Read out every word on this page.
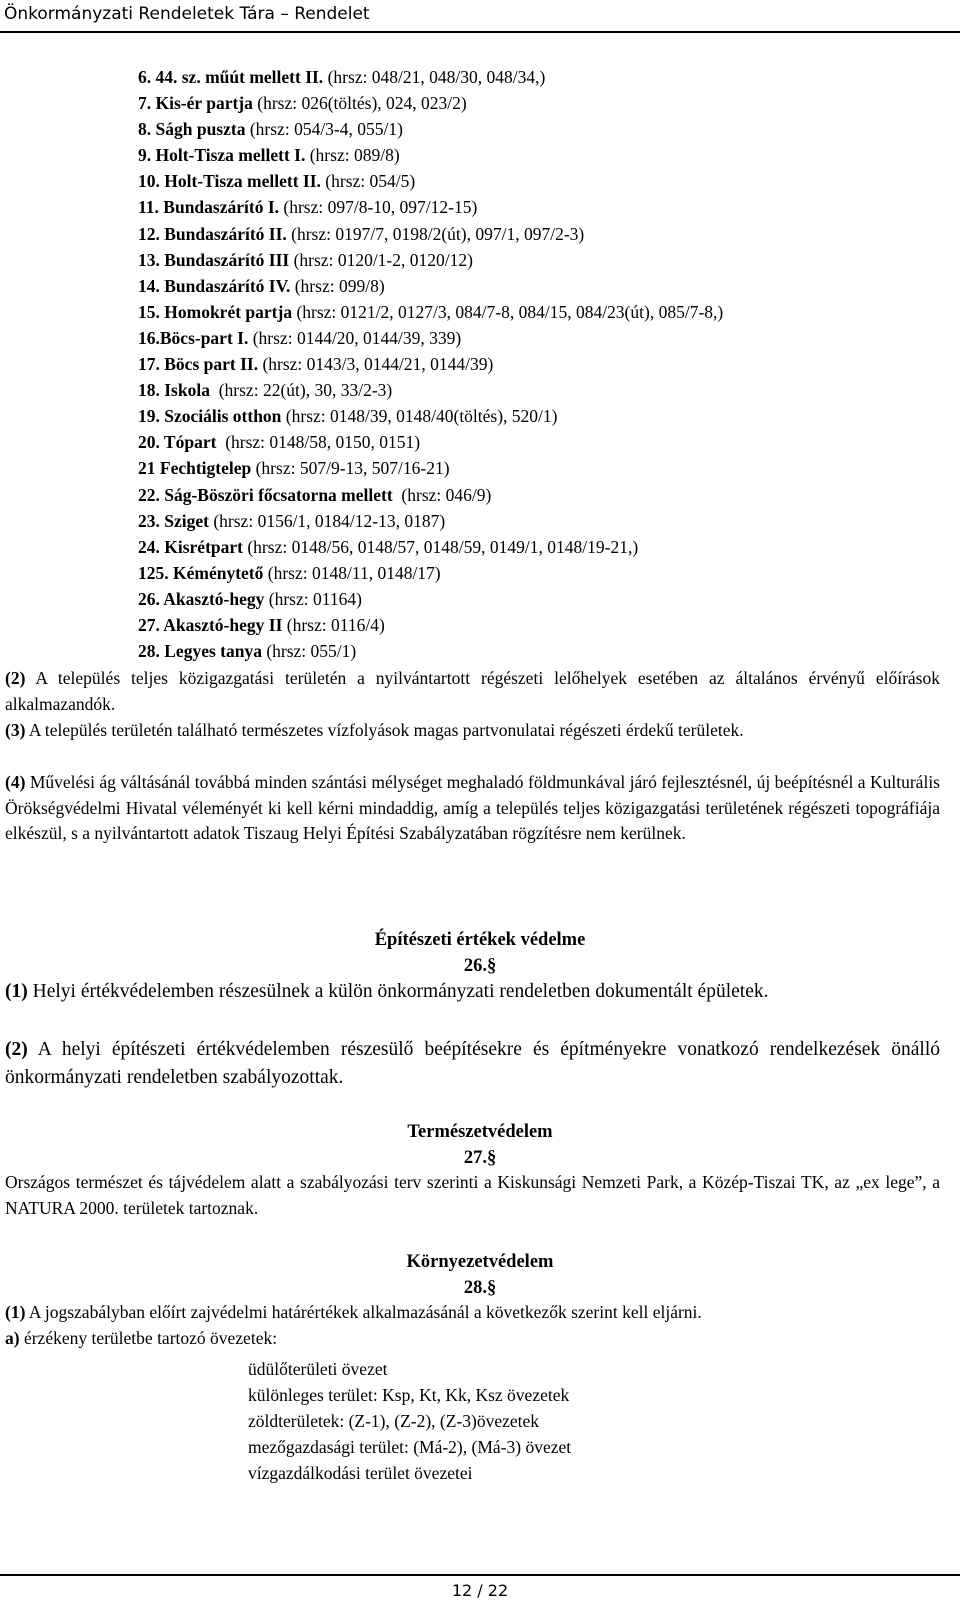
Önkormányzati Rendeletek Tára – Rendelet
6. 44. sz. műút mellett II. (hrsz: 048/21, 048/30, 048/34,)
7. Kis-ér partja (hrsz: 026(töltés), 024, 023/2)
8. Ságh puszta (hrsz: 054/3-4, 055/1)
9. Holt-Tisza mellett I. (hrsz: 089/8)
10. Holt-Tisza mellett II. (hrsz: 054/5)
11. Bundaszárító I. (hrsz: 097/8-10, 097/12-15)
12. Bundaszárító II. (hrsz: 0197/7, 0198/2(út), 097/1, 097/2-3)
13. Bundaszárító III (hrsz: 0120/1-2, 0120/12)
14. Bundaszárító IV. (hrsz: 099/8)
15. Homokrét partja (hrsz: 0121/2, 0127/3, 084/7-8, 084/15, 084/23(út), 085/7-8,)
16.Böcs-part I. (hrsz: 0144/20, 0144/39, 339)
17. Böcs part II. (hrsz: 0143/3, 0144/21, 0144/39)
18. Iskola  (hrsz: 22(út), 30, 33/2-3)
19. Szociális otthon (hrsz: 0148/39, 0148/40(töltés), 520/1)
20. Tópart  (hrsz: 0148/58, 0150, 0151)
21 Fechtigtelep (hrsz: 507/9-13, 507/16-21)
22. Ság-Böszöri főcsatorna mellett  (hrsz: 046/9)
23. Sziget (hrsz: 0156/1, 0184/12-13, 0187)
24. Kisrétpart (hrsz: 0148/56, 0148/57, 0148/59, 0149/1, 0148/19-21,)
125. Kéménytető (hrsz: 0148/11, 0148/17)
26. Akasztó-hegy (hrsz: 01164)
27. Akasztó-hegy II (hrsz: 0116/4)
28. Legyes tanya (hrsz: 055/1)

(2) A település teljes közigazgatási területén a nyilvántartott régészeti lelőhelyek esetében az általános érvényű előírások alkalmazandók.

(3) A település területén található természetes vízfolyások magas partvonulatai régészeti érdekű területek.

(4) Művelési ág váltásánál továbbá minden szántási mélységet meghaladó földmunkával járó fejlesztésnél, új beépítésnél a Kulturális Örökségvédelmi Hivatal véleményét ki kell kérni mindaddig, amíg a település teljes közigazgatási területének régészeti topográfiája elkészül, s a nyilvántartott adatok Tiszaug Helyi Építési Szabályzatában rögzítésre nem kerülnek.

Építészeti értékek védelme
26.§

(1) Helyi értékvédelemben részesülnek a külön önkormányzati rendeletben dokumentált épületek.

(2) A helyi építészeti értékvédelemben részesülő beépítésekre és építményekre vonatkozó rendelkezések önálló önkormányzati rendeletben szabályozottak.

Természetvédelem
27.§

Országos természet és tájvédelem alatt a szabályozási terv szerinti a Kiskunsági Nemzeti Park, a Közép-Tiszai TK, az „ex lege”, a NATURA 2000. területek tartoznak.

Környezetvédelem
28.§

(1) A jogszabályban előírt zajvédelmi határértékek alkalmazásánál a következők szerint kell eljárni.

a) érzékeny területbe tartozó övezetek:

üdülőterületi övezet
különleges terület: Ksp, Kt, Kk, Ksz övezetek
zöldterületek: (Z-1), (Z-2), (Z-3)övezetek
mezőgazdasági terület: (Má-2), (Má-3) övezet
vízgazdálkodási terület övezetei
12 / 22
